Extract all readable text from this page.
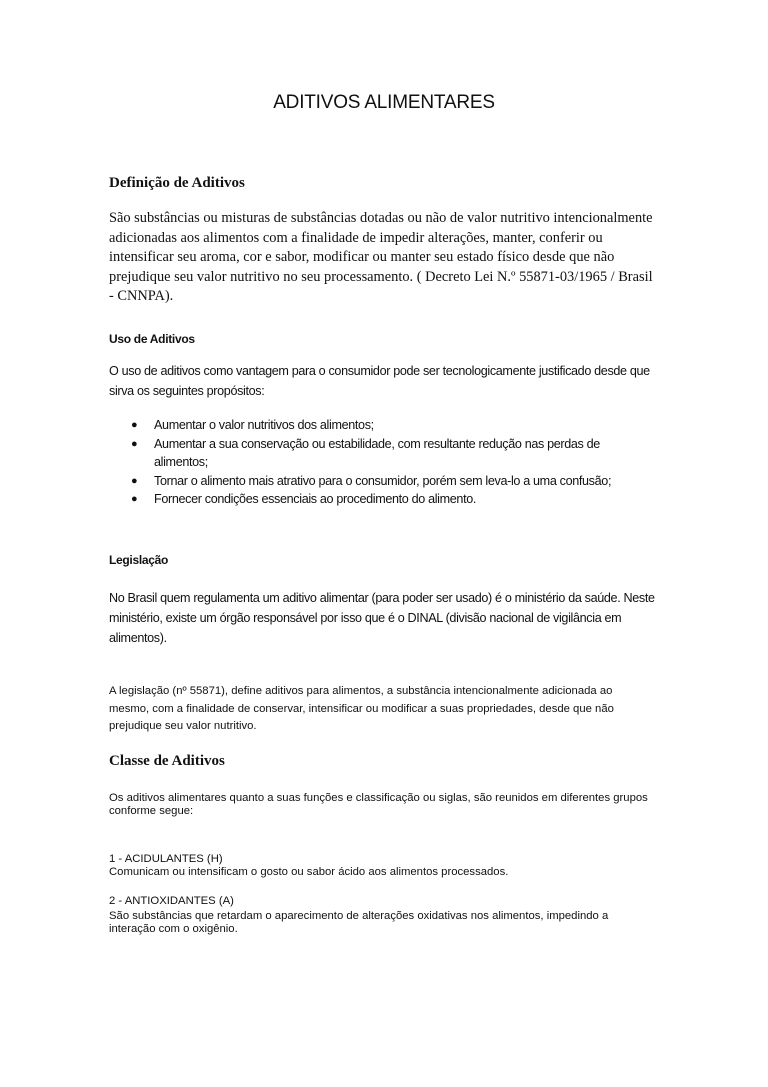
ADITIVOS ALIMENTARES
Definição de Aditivos

São substâncias ou misturas de substâncias dotadas ou não de valor nutritivo intencionalmente adicionadas aos alimentos com a finalidade de impedir alterações, manter, conferir ou intensificar seu aroma, cor e sabor, modificar ou manter seu estado físico desde que não prejudique seu valor nutritivo no seu processamento. ( Decreto Lei N.º 55871-03/1965 / Brasil - CNNPA).

Uso de Aditivos

O uso de aditivos como vantagem para o consumidor pode ser tecnologicamente justificado desde que sirva os seguintes propósitos:

● Aumentar o valor nutritivos dos alimentos;
● Aumentar a sua conservação ou estabilidade, com resultante redução nas perdas de alimentos;
● Tornar o alimento mais atrativo para o consumidor, porém sem leva-lo a uma confusão;
● Fornecer condições essenciais ao procedimento do alimento.
Legislação

No Brasil quem regulamenta um aditivo alimentar (para poder ser usado) é o ministério da saúde. Neste ministério, existe um órgão responsável por isso que é o DINAL (divisão nacional de vigilância em alimentos).

A legislação (nº 55871), define aditivos para alimentos, a substância intencionalmente adicionada ao mesmo, com a finalidade de conservar, intensificar ou modificar a suas propriedades, desde que não prejudique seu valor nutritivo.

Classe de Aditivos

Os aditivos alimentares quanto a suas funções e classificação ou siglas, são reunidos em diferentes grupos conforme segue:

1 - ACIDULANTES (H)

Comunicam ou intensificam o gosto ou sabor ácido aos alimentos processados.

2 - ANTIOXIDANTES (A)

São substâncias que retardam o aparecimento de alterações oxidativas nos alimentos, impedindo a interação com o oxigênio.
